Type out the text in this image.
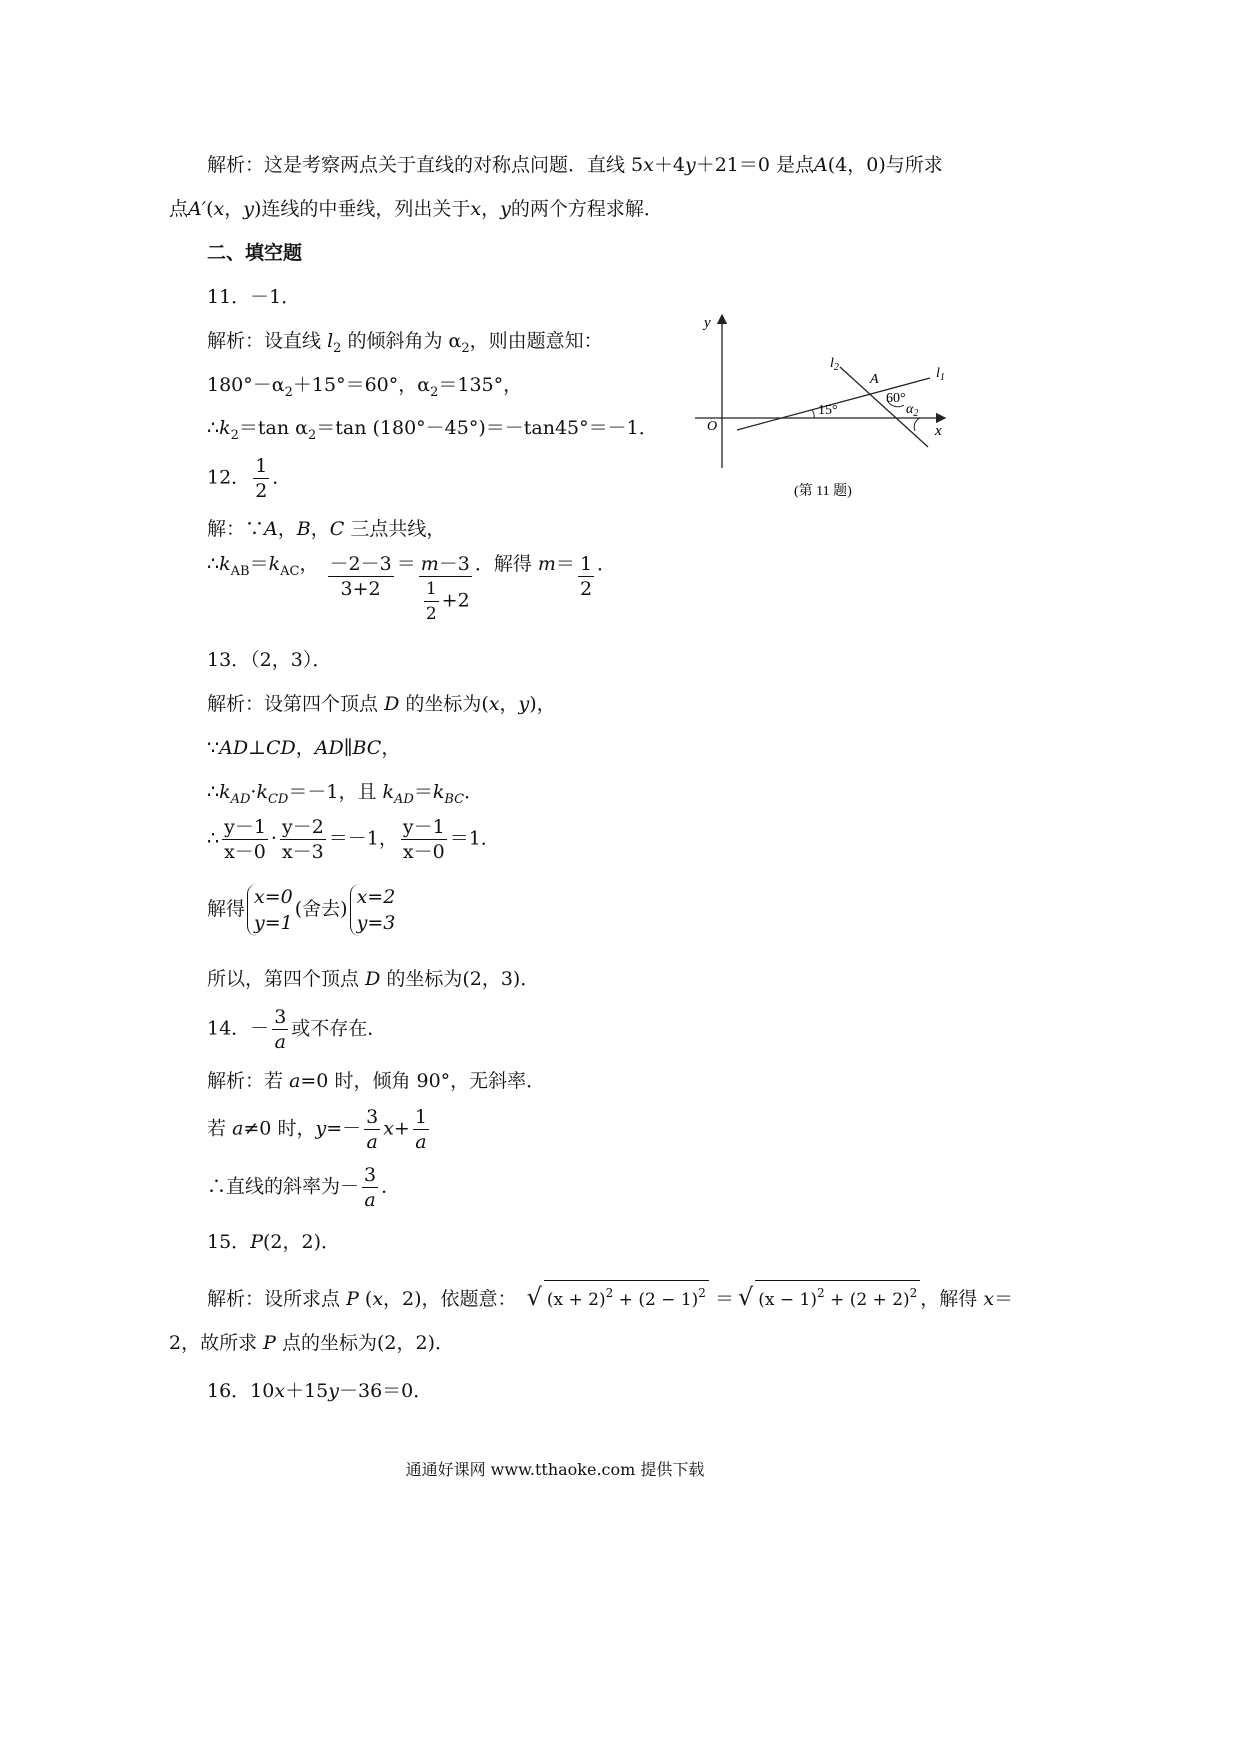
解析：这是考察两点关于直线的对称点问题．直线 5x＋4y＋21＝0 是点A(4，0)与所求
点A′(x，y)连线的中垂线，列出关于x，y的两个方程求解．
二、填空题
11．－1．
解析：设直线 $l_2$ 的倾斜角为 $\alpha_2$，则由题意知：
$180^\circ-\alpha_2+15^\circ=60^\circ$，$\alpha_2=135^\circ$，
$\therefore k_2=\tan$ $\alpha_2=\tan$ (180°－45°)＝－tan45°＝－1．
y
x
O
$l_2$	$l_1$
A
60°
15°	$\alpha_2$
(第 11 题)
12． $\frac{1}{2}$ ．
解：∵A，B，C 三点共线，
$\therefore k_{AB}=k_{AC}$， $\frac{-2-3}{3+2} = \frac{m-3}{\frac{1}{2} +2}$ ．解得 $m= \frac{1}{2}$ ．
13．（2，3）．
解析：设第四个顶点 D 的坐标为(x，y)，
∵AD⊥CD，AD∥BC，
$\therefore k_{AD}\cdot k_{CD}=-1$，且 $k_{AD}=k_{BC}$．
∴ $\frac{y-1}{x-0} \cdot \frac{y-2}{x-3} =-1$， $\frac{y-1}{x-0} =1$．
解得
x=0
y=1
(舍去)
x=2
y=3
所以，第四个顶点 D 的坐标为(2，3)．
14．－ $\frac{3}{a}$ 或不存在．
解析：若 a=0 时，倾角 90°，无斜率．
若 a≠0 时，$y=- \frac{3}{a} x+ \frac{1}{a}$
∴直线的斜率为－ $\frac{3}{a}$ ．
15．P(2，2)．
解析：设所求点 P (x，2)，依题意： √ $(x + 2)^2 + (2 - 1)^2$ ＝ √ $(x - 1)^2 + (2 + 2)^2$ ，解得 x＝
2，故所求 P 点的坐标为(2，2)．
16．10x＋15y－36＝0．
通通好课网 www.tthaoke.com 提供下载
